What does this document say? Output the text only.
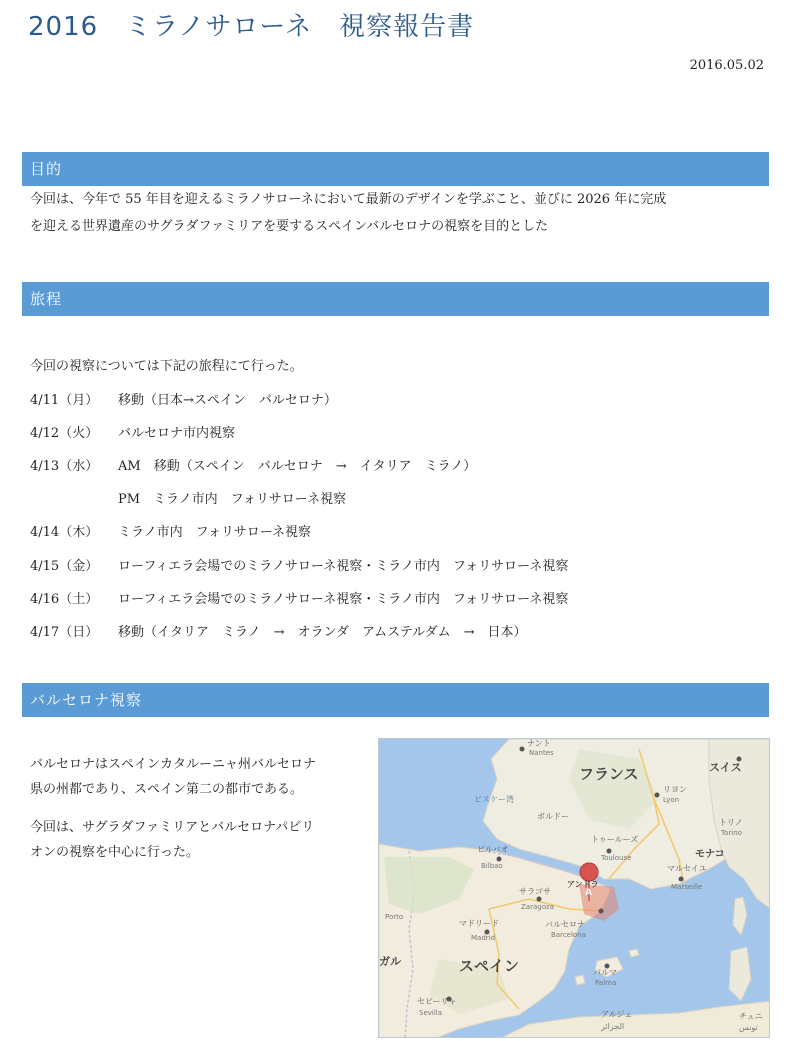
2016　ミラノサローネ　視察報告書
2016.05.02
目的
今回は、今年で 55 年目を迎えるミラノサローネにおいて最新のデザインを学ぶこと、並びに 2026 年に完成
を迎える世界遺産のサグラダファミリアを要するスペインバルセロナの視察を目的とした
旅程
今回の視察については下記の旅程にて行った。
4/11（月） 移動（日本→スペイン　バルセロナ）
4/12（火） バルセロナ市内視察
4/13（水） AM　移動（スペイン　バルセロナ　→　イタリア　ミラノ）
PM　ミラノ市内　フォリサローネ視察
4/14（木） ミラノ市内　フォリサローネ視察
4/15（金） ローフィエラ会場でのミラノサローネ視察・ミラノ市内　フォリサローネ視察
4/16（土） ローフィエラ会場でのミラノサローネ視察・ミラノ市内　フォリサローネ視察
4/17（日） 移動（イタリア　ミラノ　→　オランダ　アムステルダム　→　日本）
バルセロナ視察
バルセロナはスペインカタルーニャ州バルセロナ
県の州都であり、スペイン第二の都市である。
今回は、サグラダファミリアとバルセロナパビリ
オンの視察を中心に行った。
A
ナント
Nantes
フランス	スイス
ビスケー湾
リヨン
Lyon
トリノ
Torino
モナコ
ボルドー
トゥールーズ
Toulouse
マルセイユ
Marseille
ビルバオ
Bilbao
アンドラ
サラゴサ
Zaragoza
バルセロナ
Barcelona
マドリード
Madrid
Porto
ガル	スペイン	パルマ
Palma
セビーリャ
Sevilla	アルジェ
الجزائر
チュニ
تونس
